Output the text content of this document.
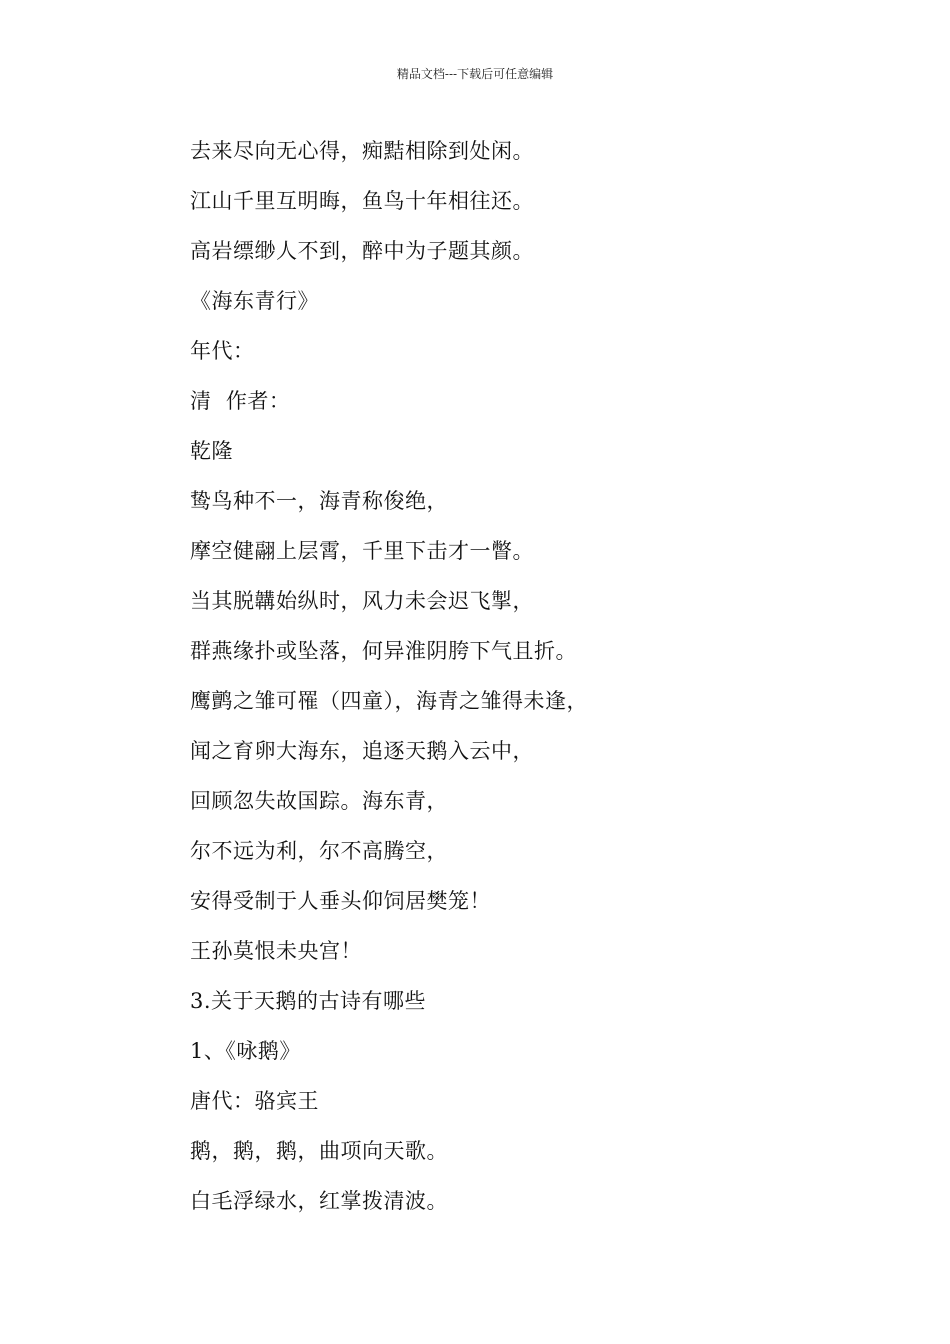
精品文档---下载后可任意编辑
去来尽向无心得，痴黠相除到处闲。
江山千里互明晦，鱼鸟十年相往还。
高岩缥缈人不到，醉中为子题其颜。
《海东青行》
年代：
清  作者：
乾隆
鸷鸟种不一，海青称俊绝，
摩空健翮上层霄，千里下击才一瞥。
当其脱韝始纵时，风力未会迟飞掣，
群燕缘扑或坠落，何异淮阴胯下气且折。
鹰鹯之雏可罹（四童），海青之雏得未逢，
闻之育卵大海东，追逐天鹅入云中，
回顾忽失故国踪。海东青，
尔不远为利，尔不高腾空，
安得受制于人垂头仰饲居樊笼！
王孙莫恨未央宫！
3.关于天鹅的古诗有哪些
1、《咏鹅》
唐代：骆宾王
鹅，鹅，鹅，曲项向天歌。
白毛浮绿水，红掌拨清波。
